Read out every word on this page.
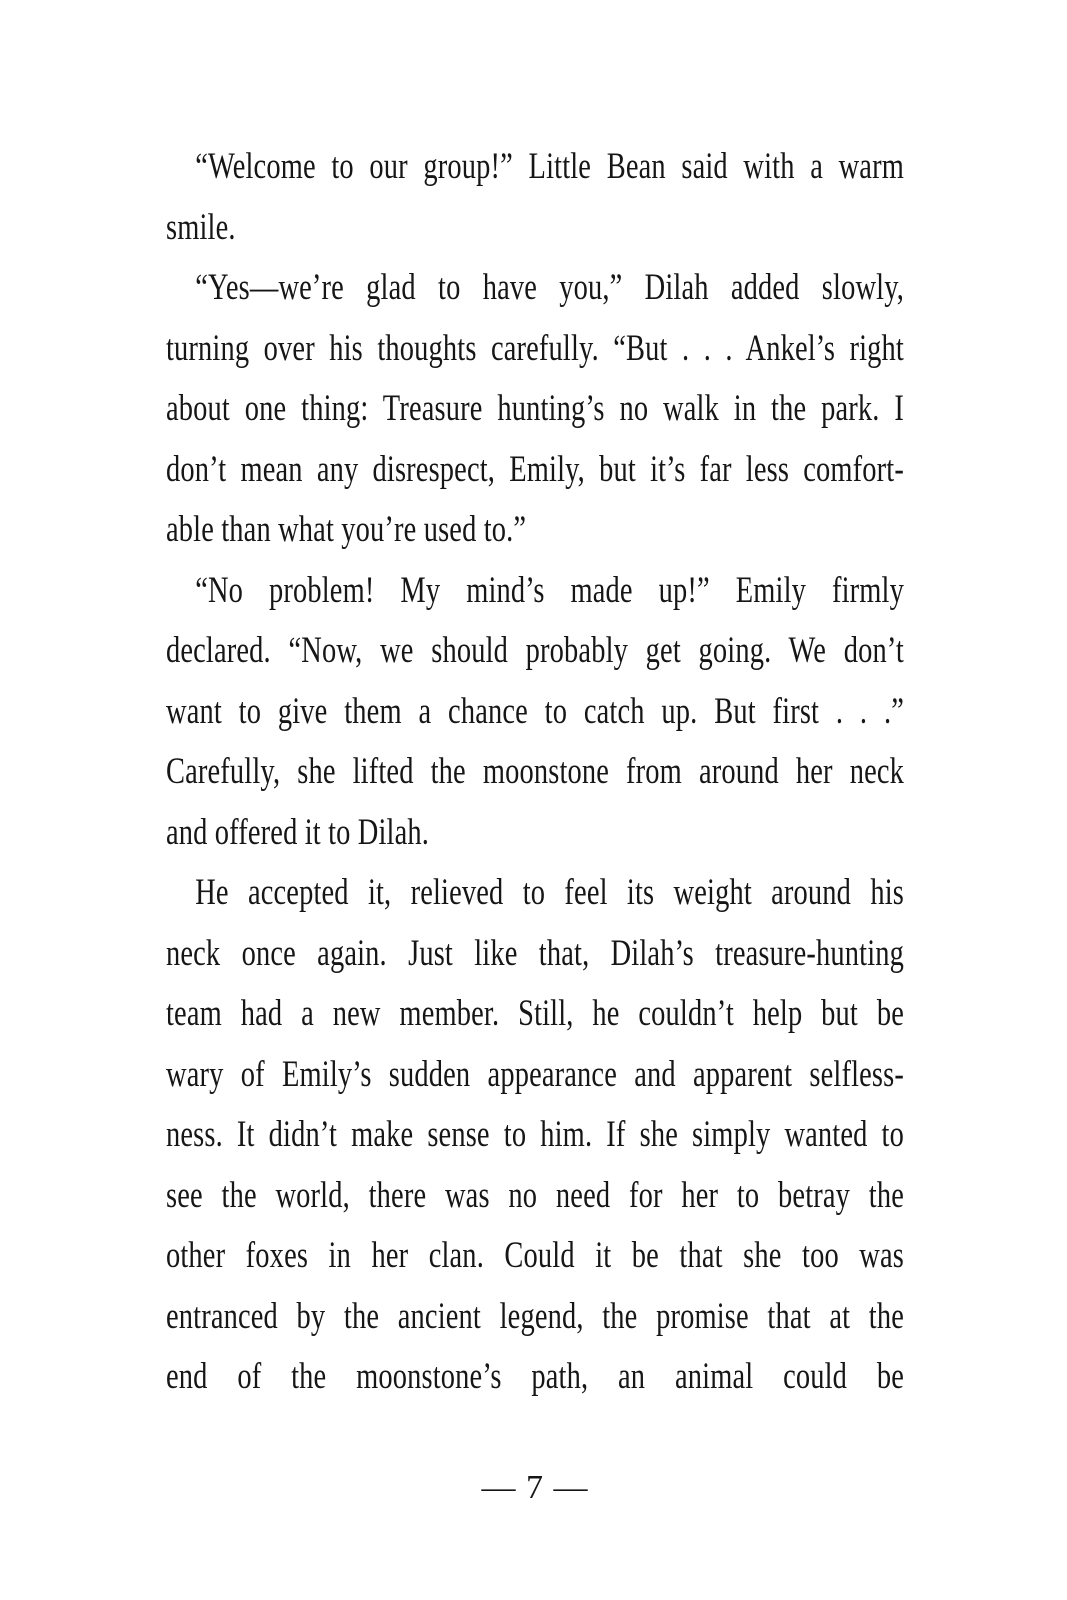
“Welcome to our group!” Little Bean said with a warm
smile.
“Yes—we’re glad to have you,” Dilah added slowly,
turning over his thoughts carefully. “But . . . Ankel’s right
about one thing: Treasure hunting’s no walk in the park. I
don’t mean any disrespect, Emily, but it’s far less comfort-
able than what you’re used to.”
“No problem! My mind’s made up!” Emily firmly
declared. “Now, we should probably get going. We don’t
want to give them a chance to catch up. But first . . .”
Carefully, she lifted the moonstone from around her neck
and offered it to Dilah.
He accepted it, relieved to feel its weight around his
neck once again. Just like that, Dilah’s treasure-hunting
team had a new member. Still, he couldn’t help but be
wary of Emily’s sudden appearance and apparent selfless-
ness. It didn’t make sense to him. If she simply wanted to
see the world, there was no need for her to betray the
other foxes in her clan. Could it be that she too was
entranced by the ancient legend, the promise that at the
end of the moonstone’s path, an animal could be
— 7 —
